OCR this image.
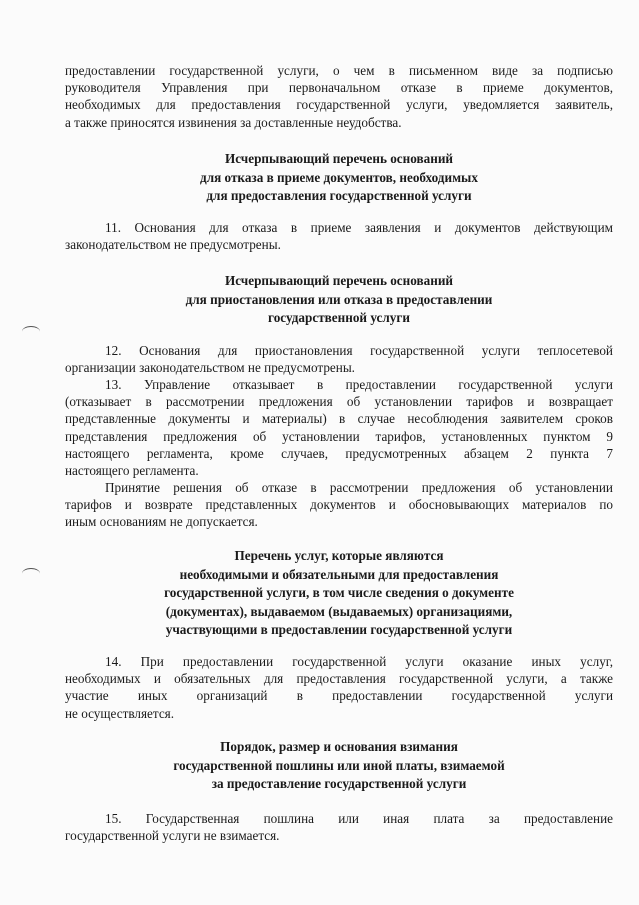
предоставлении государственной услуги, о чем в письменном виде за подписью
руководителя Управления при первоначальном отказе в приеме документов,
необходимых для предоставления государственной услуги, уведомляется заявитель,
а также приносятся извинения за доставленные неудобства.
Исчерпывающий перечень оснований
для отказа в приеме документов, необходимых
для предоставления государственной услуги
11. Основания для отказа в приеме заявления и документов действующим
законодательством не предусмотрены.
Исчерпывающий перечень оснований
для приостановления или отказа в предоставлении
государственной услуги
12. Основания для приостановления государственной услуги теплосетевой
организации законодательством не предусмотрены.
13. Управление отказывает в предоставлении государственной услуги
(отказывает в рассмотрении предложения об установлении тарифов и возвращает
представленные документы и материалы) в случае несоблюдения заявителем сроков
представления предложения об установлении тарифов, установленных пунктом 9
настоящего регламента, кроме случаев, предусмотренных абзацем 2 пункта 7
настоящего регламента.
Принятие решения об отказе в рассмотрении предложения об установлении
тарифов и возврате представленных документов и обосновывающих материалов по
иным основаниям не допускается.
Перечень услуг, которые являются
необходимыми и обязательными для предоставления
государственной услуги, в том числе сведения о документе
(документах), выдаваемом (выдаваемых) организациями,
участвующими в предоставлении государственной услуги
14. При предоставлении государственной услуги оказание иных услуг,
необходимых и обязательных для предоставления государственной услуги, а также
участие иных организаций в предоставлении государственной услуги
не осуществляется.
Порядок, размер и основания взимания
государственной пошлины или иной платы, взимаемой
за предоставление государственной услуги
15. Государственная пошлина или иная плата за предоставление
государственной услуги не взимается.
